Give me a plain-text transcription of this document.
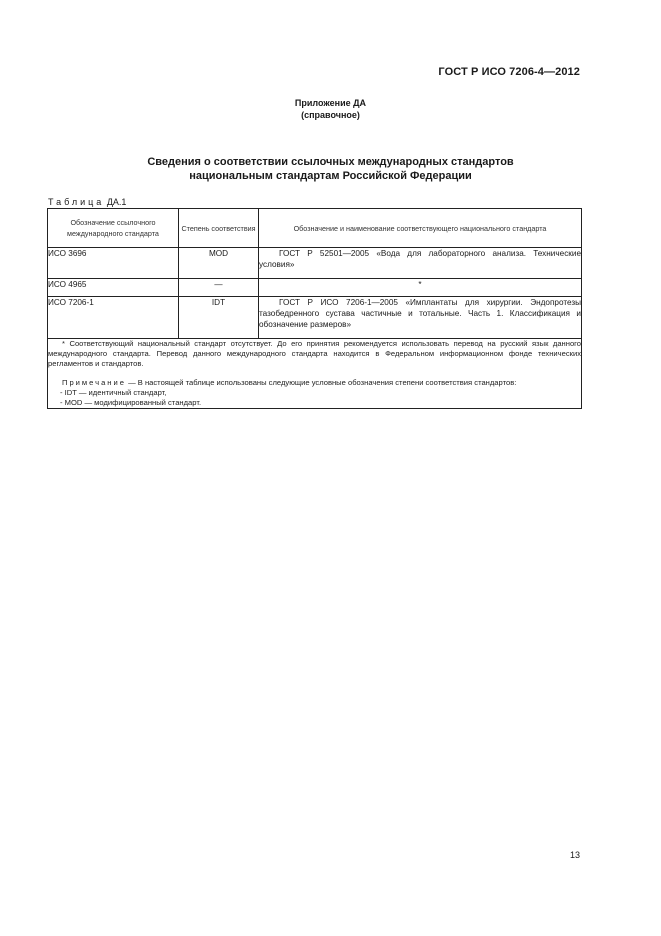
ГОСТ Р ИСО 7206-4—2012
Приложение ДА
(справочное)
Сведения о соответствии ссылочных международных стандартов
национальным стандартам Российской Федерации
Таблица ДА.1
Обозначение ссылочного международного стандарта	Степень соответствия	Обозначение и наименование соответствующего национального стандарта
ИСО 3696	MOD	ГОСТ Р 52501—2005 «Вода для лабораторного анализа. Технические условия»

ИСО 4965	—	*
ИСО 7206-1	IDT	ГОСТ Р ИСО 7206-1—2005 «Имплантаты для хирургии. Эндопротезы тазобедренного сустава частичные и тотальные. Часть 1. Классификация и обозначение размеров»

* Соответствующий национальный стандарт отсутствует. До его принятия рекомендуется использовать перевод на русский язык данного международного стандарта. Перевод данного международного стандарта находится в Федеральном информационном фонде технических регламентов и стандартов.

Примечание — В настоящей таблице использованы следующие условные обозначения степени соответствия стандартов:

- IDT — идентичный стандарт,

- MOD — модифицированный стандарт.		

13
